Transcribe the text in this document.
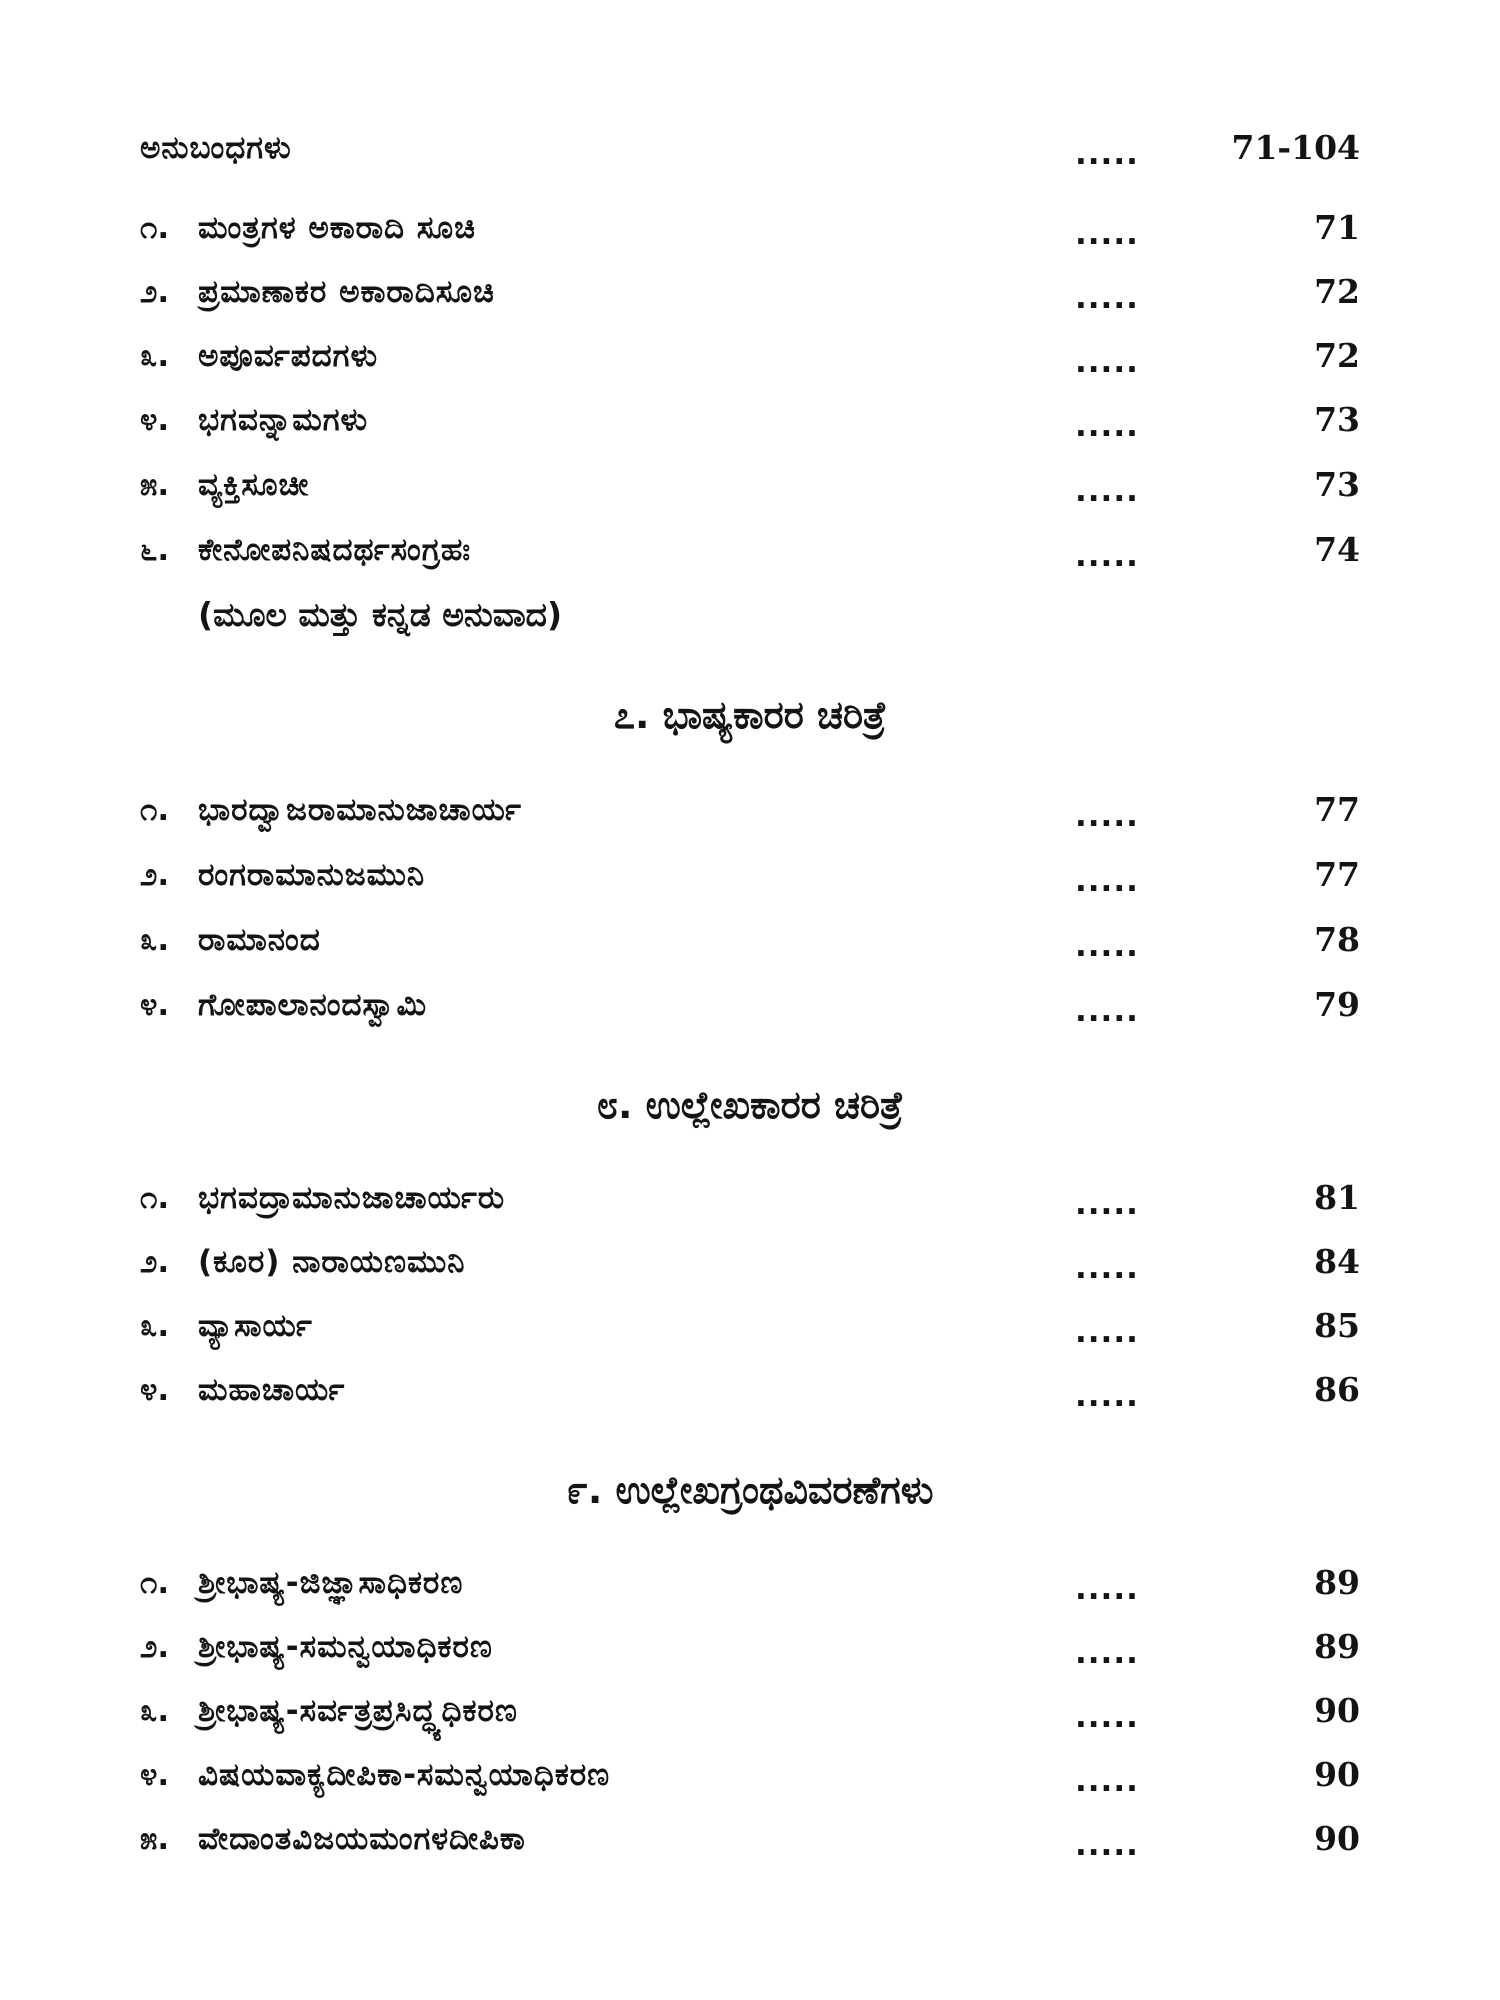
ಅನುಬಂಧಗಳು	.....	71-104
೧. ಮಂತ್ರಗಳ ಅಕಾರಾದಿ ಸೂಚಿ	.....	71
೨. ಪ್ರಮಾಣಾಕರ ಅಕಾರಾದಿಸೂಚಿ	.....	72
೩. ಅಪೂರ್ವಪದಗಳು	.....	72
೪. ಭಗವನ್ನಾಮಗಳು	.....	73
೫. ವ್ಯಕ್ತಿಸೂಚೀ	.....	73
೬. ಕೇನೋಪನಿಷದರ್ಥಸಂಗ್ರಹಃ	.....	74
(ಮೂಲ ಮತ್ತು ಕನ್ನಡ ಅನುವಾದ)
೭. ಭಾಷ್ಯಕಾರರ ಚರಿತ್ರೆ
೧. ಭಾರದ್ವಾಜರಾಮಾನುಜಾಚಾರ್ಯ	.....	77
೨. ರಂಗರಾಮಾನುಜಮುನಿ	.....	77
೩. ರಾಮಾನಂದ	.....	78
೪. ಗೋಪಾಲಾನಂದಸ್ವಾಮಿ	.....	79
೮. ಉಲ್ಲೇಖಕಾರರ ಚರಿತ್ರೆ
೧. ಭಗವದ್ರಾಮಾನುಜಾಚಾರ್ಯರು	.....	81
೨. (ಕೂರ) ನಾರಾಯಣಮುನಿ	.....	84
೩. ವ್ಯಾಸಾರ್ಯ	.....	85
೪. ಮಹಾಚಾರ್ಯ	.....	86
೯. ಉಲ್ಲೇಖಗ್ರಂಥವಿವರಣೆಗಳು
೧. ಶ್ರೀಭಾಷ್ಯ-ಜಿಜ್ಞಾಸಾಧಿಕರಣ	.....	89
೨. ಶ್ರೀಭಾಷ್ಯ-ಸಮನ್ವಯಾಧಿಕರಣ	.....	89
೩. ಶ್ರೀಭಾಷ್ಯ-ಸರ್ವತ್ರಪ್ರಸಿದ್ಧ್ಯಧಿಕರಣ	.....	90
೪. ವಿಷಯವಾಕ್ಯದೀಪಿಕಾ-ಸಮನ್ವಯಾಧಿಕರಣ	.....	90
೫. ವೇದಾಂತವಿಜಯಮಂಗಳದೀಪಿಕಾ	.....	90
